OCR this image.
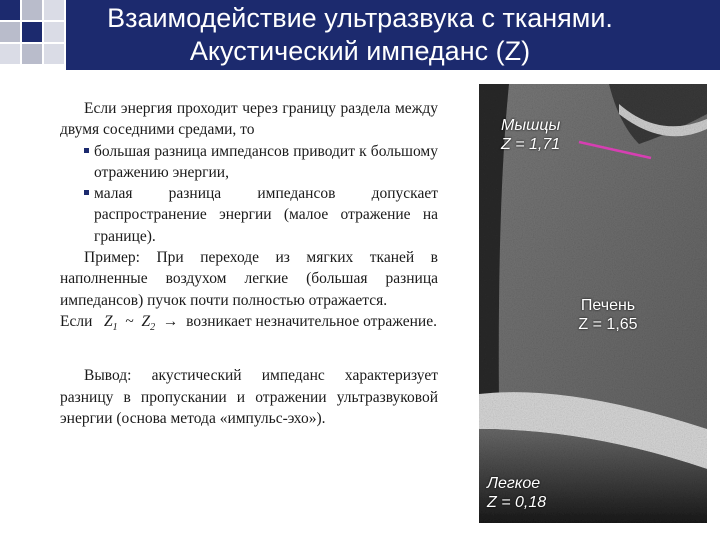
Взаимодействие ультразвука с тканями.
Акустический импеданс (Z)
Если энергия проходит через границу раздела между двумя соседними средами, то
большая разница импедансов приводит к большому отражению энергии,
малая разница импедансов допускает распространение энергии (малое отражение на границе).
Пример: При переходе из мягких тканей в наполненные воздухом легкие (большая разница импедансов) пучок почти полностью отражается.
Если $Z_1$ ~ $Z_2$ → возникает незначительное отражение.
Вывод: акустический импеданс характеризует разницу в пропускании и отражении ультразвуковой энергии (основа метода «импульс-эхо»).
Мышцы
Z = 1,71
Печень
Z = 1,65
Легкое
Z = 0,18
